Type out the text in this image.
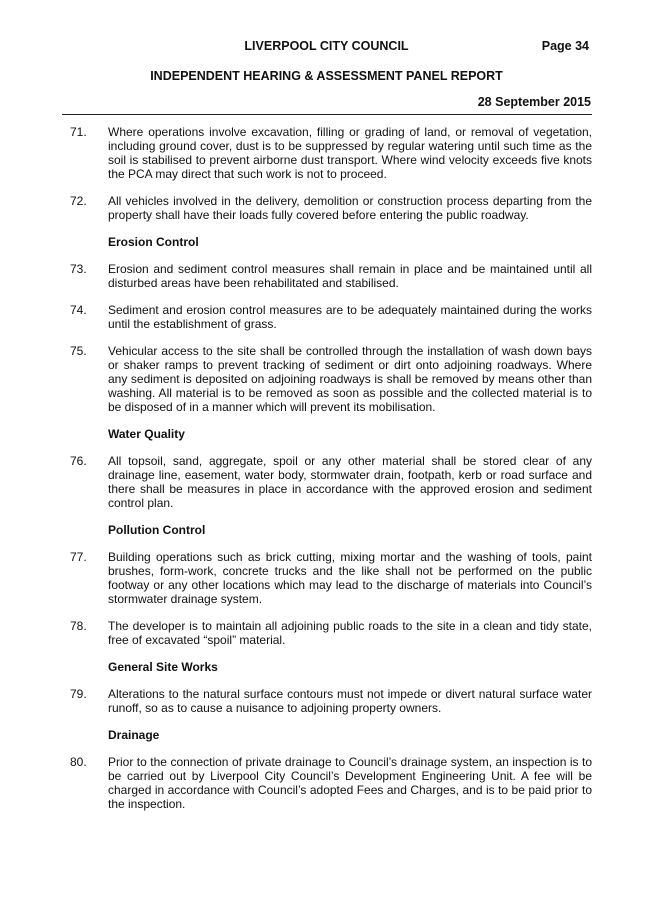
LIVERPOOL CITY COUNCIL	Page 34
INDEPENDENT HEARING & ASSESSMENT PANEL REPORT
28 September 2015
71.	Where operations involve excavation, filling or grading of land, or removal of vegetation, including ground cover, dust is to be suppressed by regular watering until such time as the soil is stabilised to prevent airborne dust transport. Where wind velocity exceeds five knots the PCA may direct that such work is not to proceed.
72.	All vehicles involved in the delivery, demolition or construction process departing from the property shall have their loads fully covered before entering the public roadway.
Erosion Control
73.	Erosion and sediment control measures shall remain in place and be maintained until all disturbed areas have been rehabilitated and stabilised.
74.	Sediment and erosion control measures are to be adequately maintained during the works until the establishment of grass.
75.	Vehicular access to the site shall be controlled through the installation of wash down bays or shaker ramps to prevent tracking of sediment or dirt onto adjoining roadways. Where any sediment is deposited on adjoining roadways is shall be removed by means other than washing. All material is to be removed as soon as possible and the collected material is to be disposed of in a manner which will prevent its mobilisation.
Water Quality
76.	All topsoil, sand, aggregate, spoil or any other material shall be stored clear of any drainage line, easement, water body, stormwater drain, footpath, kerb or road surface and there shall be measures in place in accordance with the approved erosion and sediment control plan.
Pollution Control
77.	Building operations such as brick cutting, mixing mortar and the washing of tools, paint brushes, form-work, concrete trucks and the like shall not be performed on the public footway or any other locations which may lead to the discharge of materials into Council’s stormwater drainage system.
78.	The developer is to maintain all adjoining public roads to the site in a clean and tidy state, free of excavated “spoil” material.
General Site Works
79.	Alterations to the natural surface contours must not impede or divert natural surface water runoff, so as to cause a nuisance to adjoining property owners.
Drainage
80.	Prior to the connection of private drainage to Council’s drainage system, an inspection is to be carried out by Liverpool City Council’s Development Engineering Unit. A fee will be charged in accordance with Council’s adopted Fees and Charges, and is to be paid prior to the inspection.
